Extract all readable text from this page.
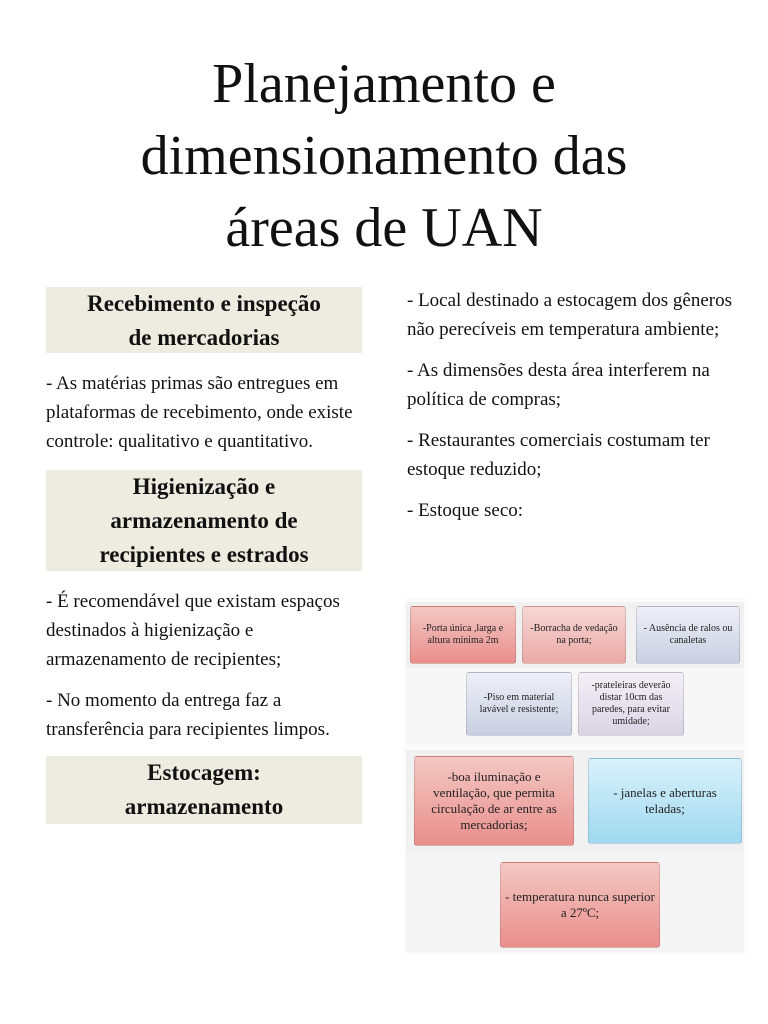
Planejamento e
dimensionamento das
áreas de UAN
Recebimento e inspeção
de mercadorias

- As matérias primas são entregues em plataformas de recebimento, onde existe controle: qualitativo e quantitativo.

Higienização e
armazenamento de
recipientes e estrados

- É recomendável que existam espaços destinados à higienização e armazenamento de recipientes;

- No momento da entrega faz a transferência para recipientes limpos.

Estocagem:
armazenamento

- Local destinado a estocagem dos gêneros não perecíveis em temperatura ambiente;

- As dimensões desta área interferem na política de compras;

- Restaurantes comerciais costumam ter estoque reduzido;

- Estoque seco:

-Porta única ,larga e altura mínima 2m
-Borracha de vedação na porta;
- Ausência de ralos ou canaletas
-Piso em material lavável e resistente;
-prateleiras deverão distar 10cm das paredes, para evitar umidade;
-boa iluminação e ventilação, que permita circulação de ar entre as mercadorias;
- janelas e aberturas teladas;
- temperatura nunca superior a 27ºC;
